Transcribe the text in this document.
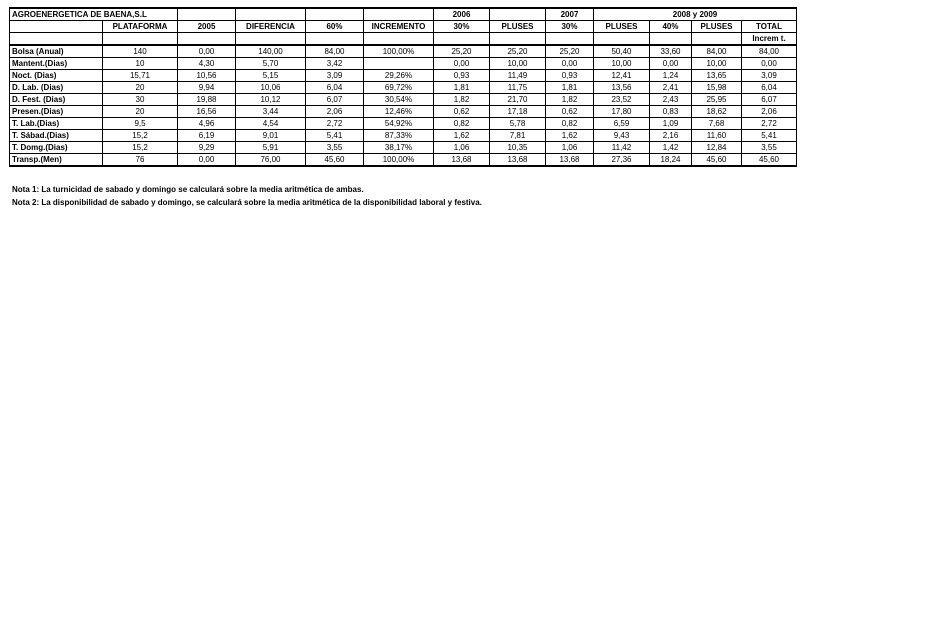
AGROENERGETICA DE BAENA,S.L						2006		2007	2008 y 2009			
	PLATAFORMA	2005	DIFERENCIA	60%	INCREMENTO	30%	PLUSES	30%	PLUSES	40%	PLUSES	TOTAL
												Increm t.
Bolsa (Anual)	140	0,00	140,00	84,00	100,00%	25,20	25,20	25,20	50,40	33,60	84,00	84,00
Mantent.(Dias)	10	4,30	5,70	3,42		0,00	10,00	0,00	10,00	0,00	10,00	0,00
Noct. (Dias)	15,71	10,56	5,15	3,09	29,26%	0,93	11,49	0,93	12,41	1,24	13,65	3,09
D. Lab. (Dias)	20	9,94	10,06	6,04	69,72%	1,81	11,75	1,81	13,56	2,41	15,98	6,04
D. Fest. (Dias)	30	19,88	10,12	6,07	30,54%	1,82	21,70	1,82	23,52	2,43	25,95	6,07
Presen.(Dias)	20	16,56	3,44	2,06	12,46%	0,62	17,18	0,62	17,80	0,83	18,62	2,06
T. Lab.(Dias)	9,5	4,96	4,54	2,72	54,92%	0,82	5,78	0,82	6,59	1,09	7,68	2,72
T. Sábad.(Dias)	15,2	6,19	9,01	5,41	87,33%	1,62	7,81	1,62	9,43	2,16	11,60	5,41
T. Domg.(Dias)	15,2	9,29	5,91	3,55	38,17%	1,06	10,35	1,06	11,42	1,42	12,84	3,55
Transp.(Men)	76	0,00	76,00	45,60	100,00%	13,68	13,68	13,68	27,36	18,24	45,60	45,60
Nota 1: La turnicidad de sabado y domingo se calculará sobre la media aritmética de ambas.
Nota 2: La disponibilidad de sabado y domingo, se calculará sobre la media aritmética de la disponibilidad laboral y festiva.
